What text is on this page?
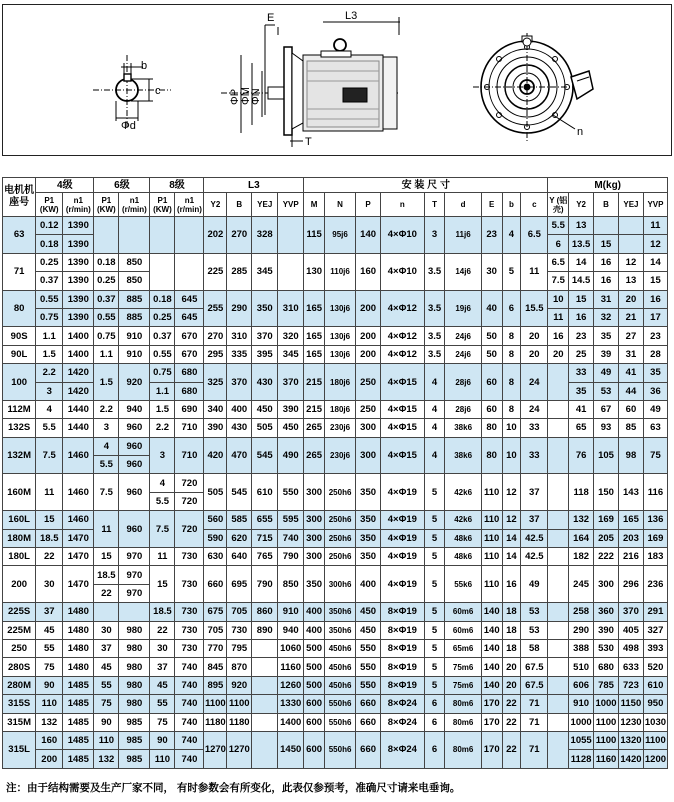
b
c
Φd
E	L3
ΦP ΦM
ΦN
T
n
电机机座号	4级		6级		8级		L3				安 装 尺 寸									M(kg)				
	P1 (KW)	n1 (r/min)	P1 (KW)	n1 (r/min)	P1 (KW)	n1 (r/min)	Y2	B	YEJ	YVP	M	N	P	n	T	d	E	b	c	Y (铝壳)	Y2	B	YEJ	YVP
63	0.12	1390					202	270	328		115	95j6	140	4×Φ10	3	11j6	23	4	6.5	5.5	13			11
	0.18	1390																		6	13.5	15		12
71	0.25	1390	0.18	850			225	285	345		130	110j6	160	4×Φ10	3.5	14j6	30	5	11	6.5	14	16	12	14
	0.37	1390	0.25	850																7.5	14.5	16	13	15
80	0.55	1390	0.37	885	0.18	645	255	290	350	310	165	130j6	200	4×Φ12	3.5	19j6	40	6	15.5	10	15	31	20	16
	0.75	1390	0.55	885	0.25	645														11	16	32	21	17
90S	1.1	1400	0.75	910	0.37	670	270	310	370	320	165	130j6	200	4×Φ12	3.5	24j6	50	8	20	16	23	35	27	23
90L	1.5	1400	1.1	910	0.55	670	295	335	395	345	165	130j6	200	4×Φ12	3.5	24j6	50	8	20	20	25	39	31	28
100	2.2	1420	1.5	920	0.75	680	325	370	430	370	215	180j6	250	4×Φ15	4	28j6	60	8	24		33	49	41	35
	3	1420			1.1	680															35	53	44	36
112M	4	1440	2.2	940	1.5	690	340	400	450	390	215	180j6	250	4×Φ15	4	28j6	60	8	24		41	67	60	49
132S	5.5	1440	3	960	2.2	710	390	430	505	450	265	230j6	300	4×Φ15	4	38k6	80	10	33		65	93	85	63
132M	7.5	1460	4	960	3	710	420	470	545	490	265	230j6	300	4×Φ15	4	38k6	80	10	33		76	105	98	75
			5.5	960																				
160M	11	1460	7.5	960	4	720	505	545	610	550	300	250h6	350	4×Φ19	5	42k6	110	12	37		118	150	143	116
					5.5	720																		
160L	15	1460	11	960	7.5	720	560	585	655	595	300	250h6	350	4×Φ19	5	42k6	110	12	37		132	169	165	136
180M	18.5	1470					590	620	715	740	300	250h6	350	4×Φ19	5	48k6	110	14	42.5		164	205	203	169
180L	22	1470	15	970	11	730	630	640	765	790	300	250h6	350	4×Φ19	5	48k6	110	14	42.5		182	222	216	183
200	30	1470	18.5	970	15	730	660	695	790	850	350	300h6	400	4×Φ19	5	55k6	110	16	49		245	300	296	236
			22	970																				
225S	37	1480			18.5	730	675	705	860	910	400	350h6	450	8×Φ19	5	60m6	140	18	53		258	360	370	291
225M	45	1480	30	980	22	730	705	730	890	940	400	350h6	450	8×Φ19	5	60m6	140	18	53		290	390	405	327
250	55	1480	37	980	30	730	770	795		1060	500	450h6	550	8×Φ19	5	65m6	140	18	58		388	530	498	393
280S	75	1480	45	980	37	740	845	870		1160	500	450h6	550	8×Φ19	5	75m6	140	20	67.5		510	680	633	520
280M	90	1485	55	980	45	740	895	920		1260	500	450h6	550	8×Φ19	5	75m6	140	20	67.5		606	785	723	610
315S	110	1485	75	980	55	740	1100	1100		1330	600	550h6	660	8×Φ24	6	80m6	170	22	71		910	1000	1150	950
315M	132	1485	90	985	75	740	1180	1180		1400	600	550h6	660	8×Φ24	6	80m6	170	22	71		1000	1100	1230	1030
315L	160	1485	110	985	90	740	1270	1270		1450	600	550h6	660	8×Φ24	6	80m6	170	22	71		1055	1100	1320	1100
	200	1485	132	985	110	740															1128	1160	1420	1200
注：由于结构需要及生产厂家不同， 有时参数会有所变化，此表仅参预考，准确尺寸请来电垂询。
